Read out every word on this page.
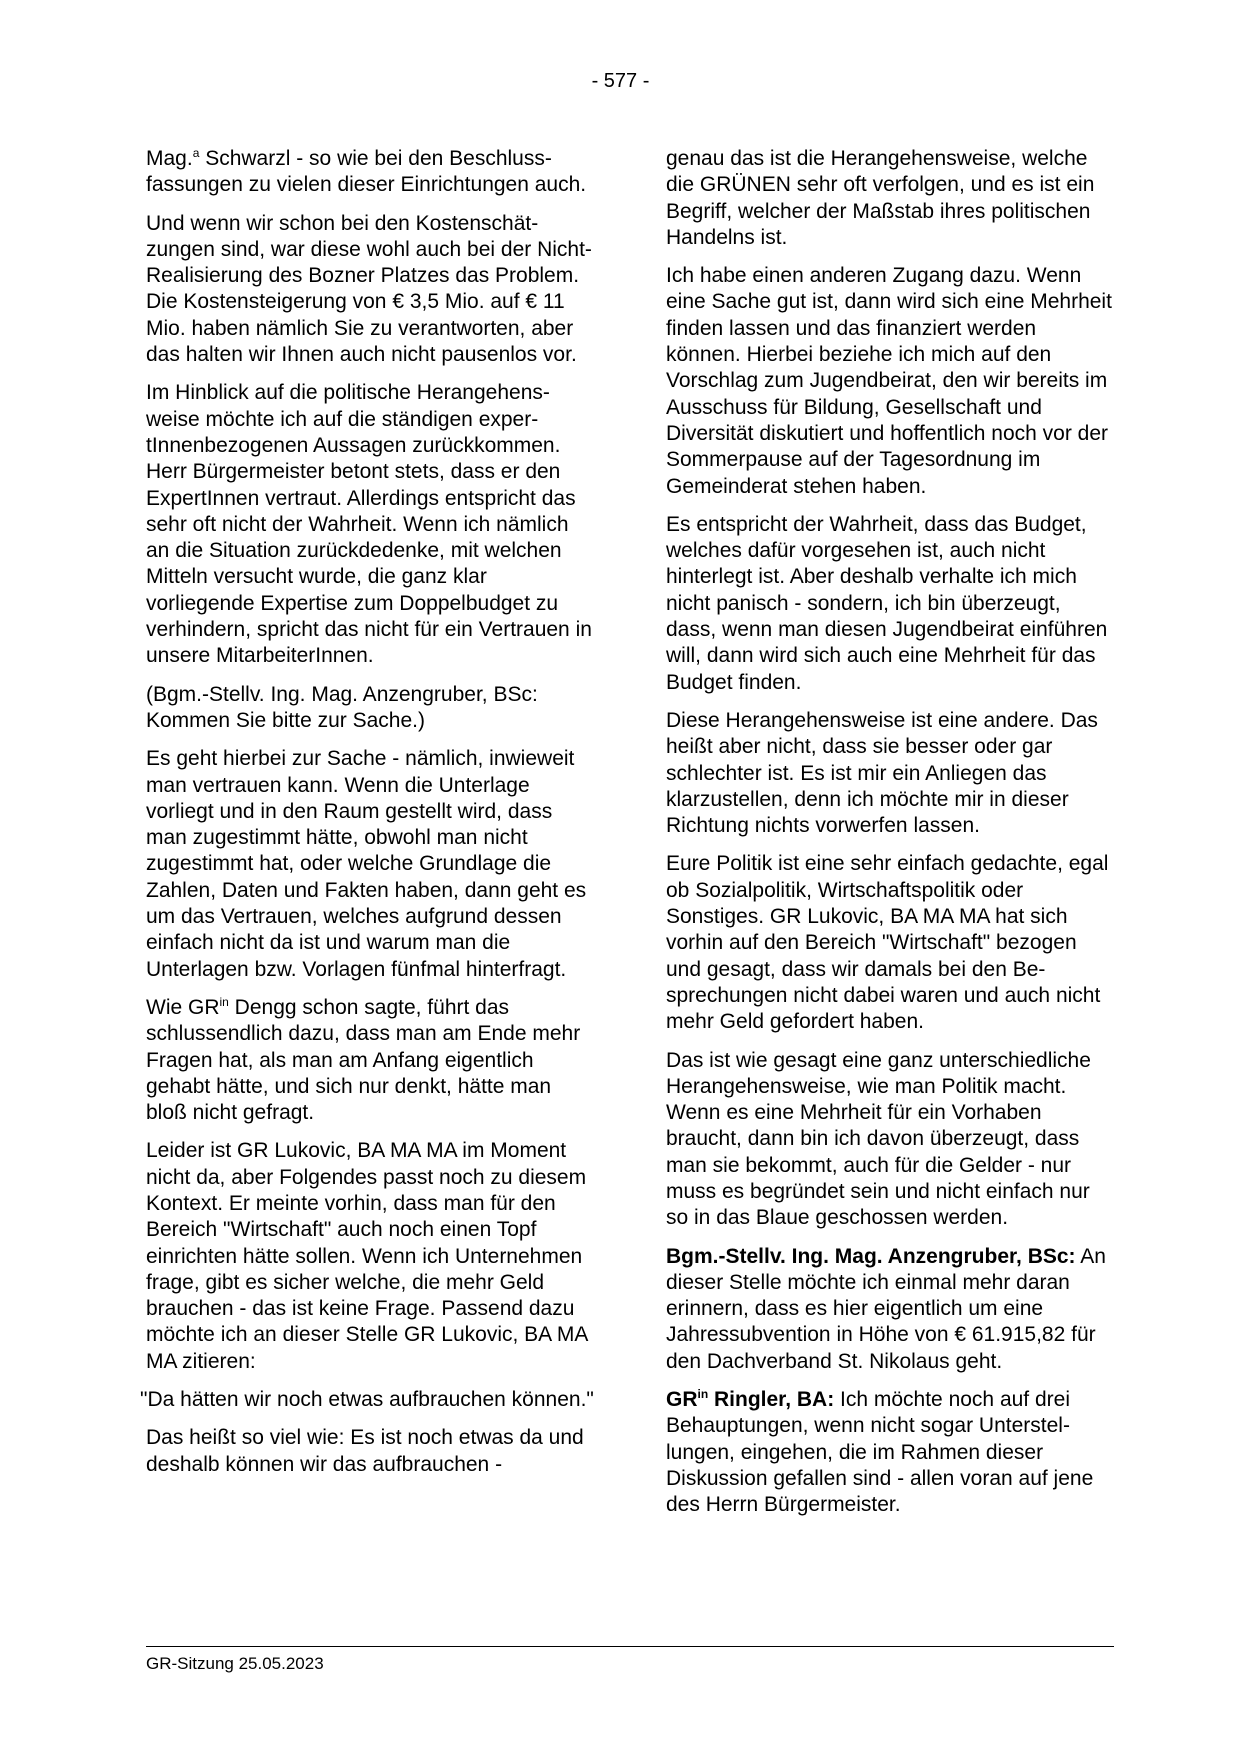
- 577 -

Mag.$^a$ Schwarzl - so wie bei den Beschlussfassungen zu vielen dieser Einrichtungen auch.

Und wenn wir schon bei den Kostenschätzungen sind, war diese wohl auch bei der Nicht-Realisierung des Bozner Platzes das Problem. Die Kostensteigerung von € 3,5 Mio. auf € 11 Mio. haben nämlich Sie zu verantworten, aber das halten wir Ihnen auch nicht pausenlos vor.

Im Hinblick auf die politische Herangehensweise möchte ich auf die ständigen expertInnenbezogenen Aussagen zurückkommen. Herr Bürgermeister betont stets, dass er den ExpertInnen vertraut. Allerdings entspricht das sehr oft nicht der Wahrheit. Wenn ich nämlich an die Situation zurückdedenke, mit welchen Mitteln versucht wurde, die ganz klar vorliegende Expertise zum Doppelbudget zu verhindern, spricht das nicht für ein Vertrauen in unsere MitarbeiterInnen.

(Bgm.-Stellv. Ing. Mag. Anzengruber, BSc: Kommen Sie bitte zur Sache.)

Es geht hierbei zur Sache - nämlich, inwieweit man vertrauen kann. Wenn die Unterlage vorliegt und in den Raum gestellt wird, dass man zugestimmt hätte, obwohl man nicht zugestimmt hat, oder welche Grundlage die Zahlen, Daten und Fakten haben, dann geht es um das Vertrauen, welches aufgrund dessen einfach nicht da ist und warum man die Unterlagen bzw. Vorlagen fünfmal hinterfragt.

Wie $GR^{in}$ Dengg schon sagte, führt das schlussendlich dazu, dass man am Ende mehr Fragen hat, als man am Anfang eigentlich gehabt hätte, und sich nur denkt, hätte man bloß nicht gefragt.

Leider ist GR Lukovic, BA MA MA im Moment nicht da, aber Folgendes passt noch zu diesem Kontext. Er meinte vorhin, dass man für den Bereich "Wirtschaft" auch noch einen Topf einrichten hätte sollen. Wenn ich Unternehmen frage, gibt es sicher welche, die mehr Geld brauchen - das ist keine Frage. Passend dazu möchte ich an dieser Stelle GR Lukovic, BA MA MA zitieren:

"Da hätten wir noch etwas aufbrauchen können."

Das heißt so viel wie: Es ist noch etwas da und deshalb können wir das aufbrauchen -

genau das ist die Herangehensweise, welche die GRÜNEN sehr oft verfolgen, und es ist ein Begriff, welcher der Maßstab ihres politischen Handelns ist.

Ich habe einen anderen Zugang dazu. Wenn eine Sache gut ist, dann wird sich eine Mehrheit finden lassen und das finanziert werden können. Hierbei beziehe ich mich auf den Vorschlag zum Jugendbeirat, den wir bereits im Ausschuss für Bildung, Gesellschaft und Diversität diskutiert und hoffentlich noch vor der Sommerpause auf der Tagesordnung im Gemeinderat stehen haben.

Es entspricht der Wahrheit, dass das Budget, welches dafür vorgesehen ist, auch nicht hinterlegt ist. Aber deshalb verhalte ich mich nicht panisch - sondern, ich bin überzeugt, dass, wenn man diesen Jugendbeirat einführen will, dann wird sich auch eine Mehrheit für das Budget finden.

Diese Herangehensweise ist eine andere. Das heißt aber nicht, dass sie besser oder gar schlechter ist. Es ist mir ein Anliegen das klarzustellen, denn ich möchte mir in dieser Richtung nichts vorwerfen lassen.

Eure Politik ist eine sehr einfach gedachte, egal ob Sozialpolitik, Wirtschaftspolitik oder Sonstiges. GR Lukovic, BA MA MA hat sich vorhin auf den Bereich "Wirtschaft" bezogen und gesagt, dass wir damals bei den Besprechungen nicht dabei waren und auch nicht mehr Geld gefordert haben.

Das ist wie gesagt eine ganz unterschiedliche Herangehensweise, wie man Politik macht. Wenn es eine Mehrheit für ein Vorhaben braucht, dann bin ich davon überzeugt, dass man sie bekommt, auch für die Gelder - nur muss es begründet sein und nicht einfach nur so in das Blaue geschossen werden.

Bgm.-Stellv. Ing. Mag. Anzengruber, BSc: An dieser Stelle möchte ich einmal mehr daran erinnern, dass es hier eigentlich um eine Jahressubvention in Höhe von € 61.915,82 für den Dachverband St. Nikolaus geht.

$GR^{in}$ Ringler, BA: Ich möchte noch auf drei Behauptungen, wenn nicht sogar Unterstellungen, eingehen, die im Rahmen dieser Diskussion gefallen sind - allen voran auf jene des Herrn Bürgermeister.

GR-Sitzung 25.05.2023
